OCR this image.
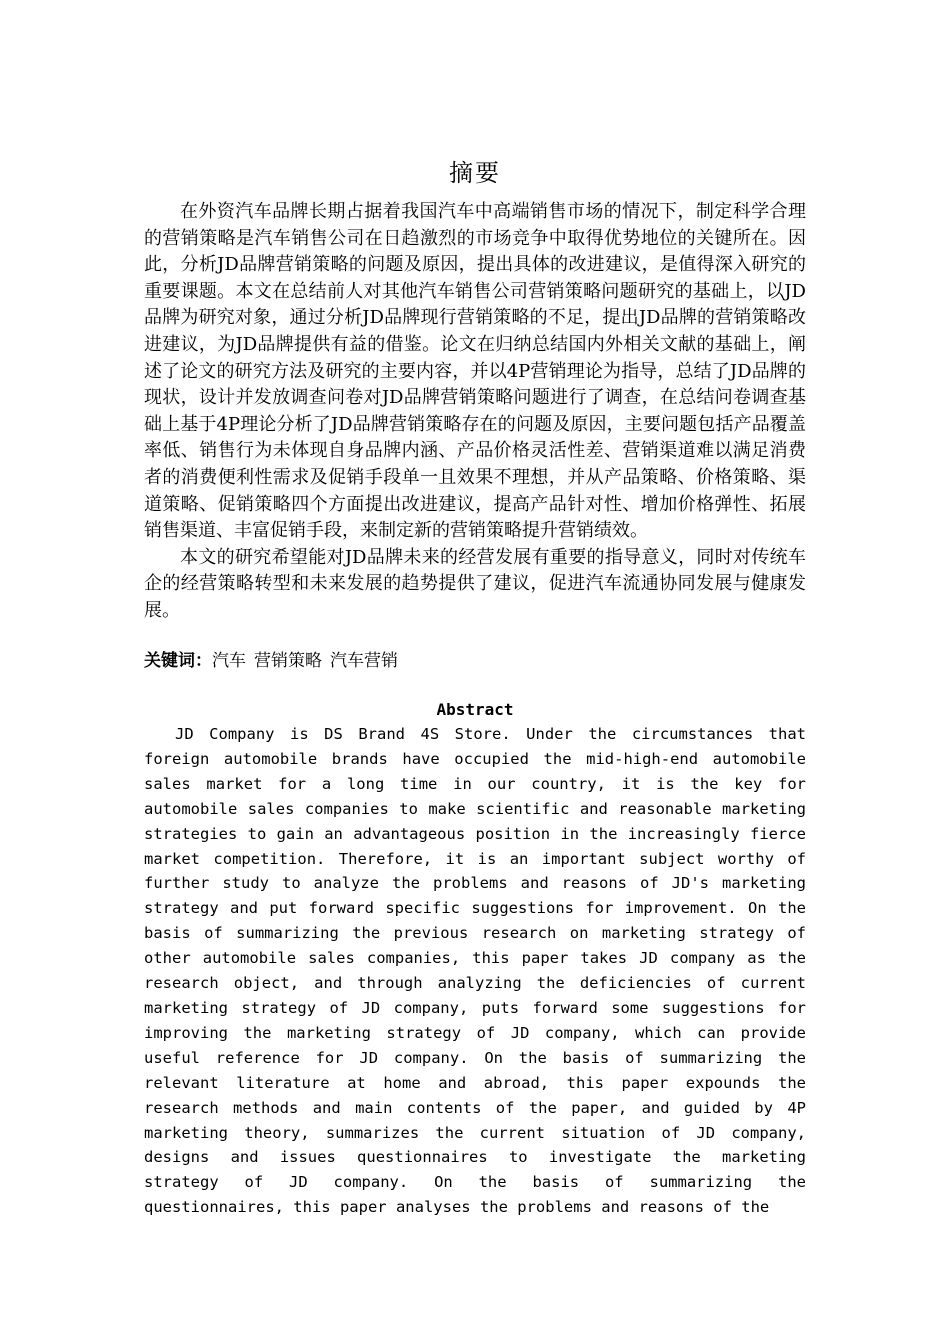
摘要

在外资汽车品牌长期占据着我国汽车中高端销售市场的情况下，制定科学合理的营销策略是汽车销售公司在日趋激烈的市场竞争中取得优势地位的关键所在。因此，分析JD品牌营销策略的问题及原因，提出具体的改进建议，是值得深入研究的重要课题。本文在总结前人对其他汽车销售公司营销策略问题研究的基础上，以JD品牌为研究对象，通过分析JD品牌现行营销策略的不足，提出JD品牌的营销策略改进建议，为JD品牌提供有益的借鉴。论文在归纳总结国内外相关文献的基础上，阐述了论文的研究方法及研究的主要内容，并以4P营销理论为指导，总结了JD品牌的现状，设计并发放调查问卷对JD品牌营销策略问题进行了调查，在总结问卷调查基础上基于4P理论分析了JD品牌营销策略存在的问题及原因，主要问题包括产品覆盖率低、销售行为未体现自身品牌内涵、产品价格灵活性差、营销渠道难以满足消费者的消费便利性需求及促销手段单一且效果不理想，并从产品策略、价格策略、渠道策略、促销策略四个方面提出改进建议，提高产品针对性、增加价格弹性、拓展销售渠道、丰富促销手段，来制定新的营销策略提升营销绩效。

本文的研究希望能对JD品牌未来的经营发展有重要的指导意义，同时对传统车企的经营策略转型和未来发展的趋势提供了建议，促进汽车流通协同发展与健康发展。

关键词：汽车 营销策略 汽车营销
Abstract

JD Company is DS Brand 4S Store. Under the circumstances that foreign automobile brands have occupied the mid-high-end automobile sales market for a long time in our country, it is the key for automobile sales companies to make scientific and reasonable marketing strategies to gain an advantageous position in the increasingly fierce market competition. Therefore, it is an important subject worthy of further study to analyze the problems and reasons of JD's marketing strategy and put forward specific suggestions for improvement. On the basis of summarizing the previous research on marketing strategy of other automobile sales companies, this paper takes JD company as the research object, and through analyzing the deficiencies of current marketing strategy of JD company, puts forward some suggestions for improving the marketing strategy of JD company, which can provide useful reference for JD company. On the basis of summarizing the relevant literature at home and abroad, this paper expounds the research methods and main contents of the paper, and guided by 4P marketing theory, summarizes the current situation of JD company, designs and issues questionnaires to investigate the marketing strategy of JD company. On the basis of summarizing the questionnaires, this paper analyses the problems and reasons of the
